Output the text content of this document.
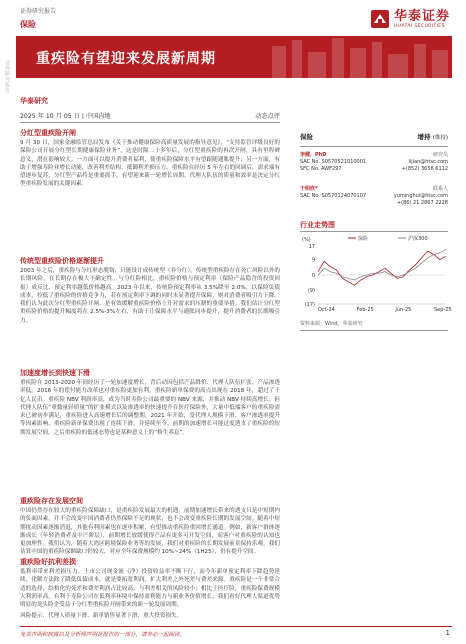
证券研究报告
证券研究报告
保险
华泰证券
HUATAI SECURITIES
重疾险有望迎来发展新周期
华泰研究
2025 年 10 月 05 日 | 中国内地	动态点评
分红型重疾险开闸
9 月 30 日，国家金融监管总局发布《关于推动健康保险高质量发展的指导意见》，“支持监管评级良好的保险公司开展分红型长期健康保险业务”，这是时隔二十多年后，分红型重疾险的再次开闸，具有里程碑意义，潜在影响较大。一方面可以提升消费者福利，使重疾险保障水平有望跟随通胀提升；另一方面，有助于增强寿险业增长动能，改善利差结构，抵御利差损压力。重疾险在经历 5 年左右的回调后，需求端有望逐步复苏，分红型产品将是重要抓手，有望迎来新一轮增长周期。代理人队伍的质量和效率是决定分红型重疾险发展的关键因素。
传统型重疾险价格逐渐提升
2003 年之后，重疾险与分红形态脱钩，只能设计成传统型（非分红）。传统型重疾险存在死亡风险以外的长期风险，在长期存在极大不确定性。与分红险相比，重疾险价格与预定利率（保险产品隐含的投资回报）成反比，预定利率越低价格越高。2023 年以来，传统险预定利率从 3.5%降至 2.0%，以保险负债成本，拉低了重疾险的价格竞争力，若在预定利率下调的同时未显著提升保障，则对消费者吸引力下降。我们认为此次分红型重疾险开闸，是有效缓解重疾险价格上升对需求的压制的重要举措。我们估计分红型重疾险价格的提升幅度将在 2.5%-3%左右，有助于让保障水平与通胀同步提升，提升消费者的长期吸引力。
加速度增长到快速下滑
重疾险在 2013-2020 年间经历了一轮加速度增长，背后动因包括产品降价、代理人队伍扩张、产品渗透率低。2016 年的偿付能力改革也对重疾险更加有利。重疾险新单保费的高点出现在 2018 年，超过了千亿人民币。重疾险 NBV 利润率高，成为当时寿险公司最重要的 NBV 来源，并推动 NBV 持续高增长。但代理人队伍“重数量轻质量”的扩张模式以及渗透率的快速提升在医疗保险外，大量中低端客户的重疾险需求已被初步满足，重疾险进入高速增长后的调整期。2021 年开始，受代理人规模下滑、客户渗透率提升等因素影响，重疾险新单保费出现了连续下滑，并延续至今。前期的加速增长可能过度透支了重疾险的短期发展空间，之后重疾险的低迷态势也是某种意义上的“修生养息”。
重疾险存在发展空间
中国仍然存在较大的重疾险保障缺口，是重疾险发展最大的机遇，前期加速增长带来的透支只是中短期内的负面因素，并不会改变中国消费者仍然保障不足的现状，也不会改变重疾险长期的发展空间。随着中短期扰动因素逐渐消退，其他有利因素也在逐步积累，有望推动重疾险重回增长通道。例如，新客户群体逐渐成长（年轻消费者及中产阶层），前期增长放缓使得产品有更多可开发空间，而客户对重疾险的认知也更加理性。我们认为，随着大湾区跨境保险业务等的发展，我们对重疾险的长期发展前景保持乐观。我们估算中国的重疾险保额缺口仍较大，对应全年保费规模约 10%~24%（1H25），仍有提升空间。
重疾险好抗利差损
低利率带来利差损压力，上市公司现金流（净）投资收益率不断下行，而今年新单预定利率下降趋势延续，化解方法除了降低负债成本，就是要拓宽利润，扩大利差之外死差与费差来源。重疾险是一个非常合适的选择，结构化的死差和费差利润占比较高，与利差相关的风险较小；相比于医疗险，重疾险保费规模大利润率高，有利于寿险公司在低利率环境中保持盈利能力与新业务价值增长，我们看好代理人渠道优势明显的龙头险企受益于分红型重疾险开闸带来的新一轮发展周期。
风险提示：代理人质量下滑、新单销售显著下滑、重大投资损失。
保险	增持 (维持)
李健，PhD	研究员
SAC No. S0570521010001	lijian@htsc.com
SFC No. AWF297	+(852) 3658 6112
于明欣*	联系人
SAC No. S0570124070107	yuminghui@htsc.com
+(86) 21 2867 2228
行业走势图
(%)
17
9
0
(9)
(17)
Oct-24	Feb-25	Jun-25	Sep-25
保险	沪深300
资料来源：Wind，华泰研究
免责声明和披露以及分析师声明是报告的一部分，请务必一起阅读。	1
